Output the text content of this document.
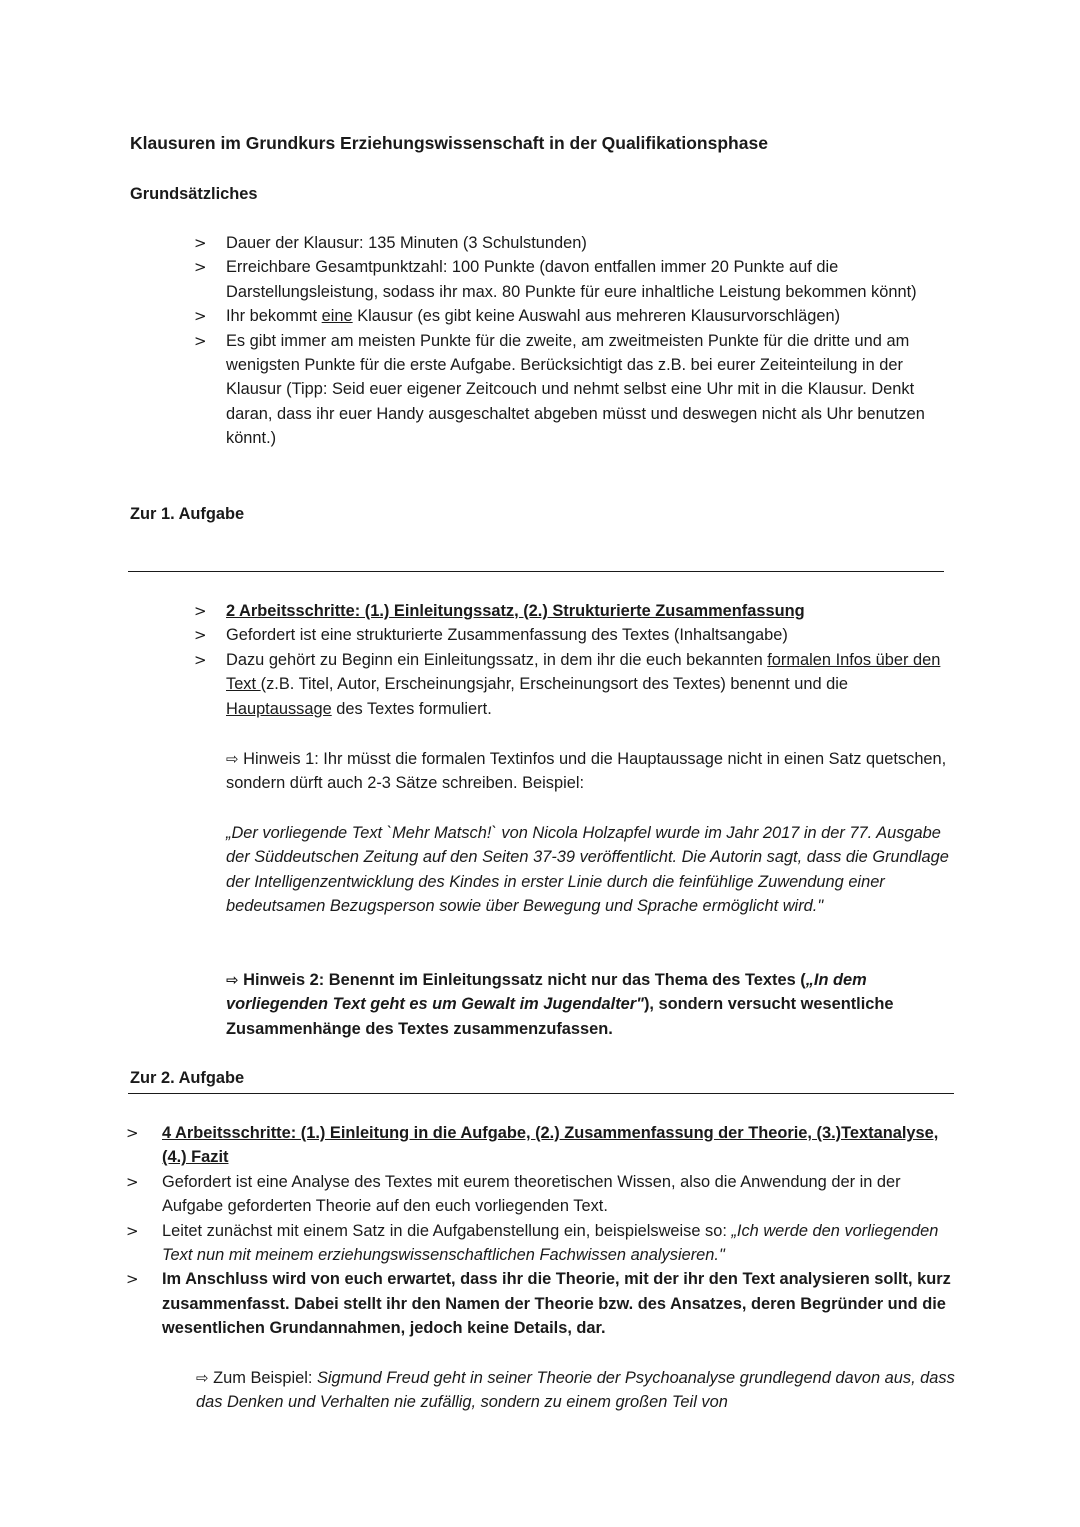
Klausuren im Grundkurs Erziehungswissenschaft in der Qualifikationsphase
Grundsätzliches
> Dauer der Klausur: 135 Minuten (3 Schulstunden)
> Erreichbare Gesamtpunktzahl: 100 Punkte (davon entfallen immer 20 Punkte auf die Darstellungsleistung, sodass ihr max. 80 Punkte für eure inhaltliche Leistung bekommen könnt)
> Ihr bekommt eine Klausur (es gibt keine Auswahl aus mehreren Klausurvorschlägen)
> Es gibt immer am meisten Punkte für die zweite, am zweitmeisten Punkte für die dritte und am wenigsten Punkte für die erste Aufgabe. Berücksichtigt das z.B. bei eurer Zeiteinteilung in der Klausur (Tipp: Seid euer eigener Zeitcouch und nehmt selbst eine Uhr mit in die Klausur. Denkt daran, dass ihr euer Handy ausgeschaltet abgeben müsst und deswegen nicht als Uhr benutzen könnt.)
Zur 1. Aufgabe
> 2 Arbeitsschritte: (1.) Einleitungssatz, (2.) Strukturierte Zusammenfassung
> Gefordert ist eine strukturierte Zusammenfassung des Textes (Inhaltsangabe)
> Dazu gehört zu Beginn ein Einleitungssatz, in dem ihr die euch bekannten formalen Infos über den Text (z.B. Titel, Autor, Erscheinungsjahr, Erscheinungsort des Textes) benennt und die Hauptaussage des Textes formuliert.
⇨ Hinweis 1: Ihr müsst die formalen Textinfos und die Hauptaussage nicht in einen Satz quetschen, sondern dürft auch 2-3 Sätze schreiben. Beispiel:
„Der vorliegende Text `Mehr Matsch!` von Nicola Holzapfel wurde im Jahr 2017 in der 77. Ausgabe der Süddeutschen Zeitung auf den Seiten 37-39 veröffentlicht. Die Autorin sagt, dass die Grundlage der Intelligenzentwicklung des Kindes in erster Linie durch die feinfühlige Zuwendung einer bedeutsamen Bezugsperson sowie über Bewegung und Sprache ermöglicht wird."
⇨ Hinweis 2: Benennt im Einleitungssatz nicht nur das Thema des Textes („In dem vorliegenden Text geht es um Gewalt im Jugendalter"), sondern versucht wesentliche Zusammenhänge des Textes zusammenzufassen.
Zur 2. Aufgabe
> 4 Arbeitsschritte: (1.) Einleitung in die Aufgabe, (2.) Zusammenfassung der Theorie, (3.)Textanalyse, (4.) Fazit
> Gefordert ist eine Analyse des Textes mit eurem theoretischen Wissen, also die Anwendung der in der Aufgabe geforderten Theorie auf den euch vorliegenden Text.
> Leitet zunächst mit einem Satz in die Aufgabenstellung ein, beispielsweise so: „Ich werde den vorliegenden Text nun mit meinem erziehungswissenschaftlichen Fachwissen analysieren."
> Im Anschluss wird von euch erwartet, dass ihr die Theorie, mit der ihr den Text analysieren sollt, kurz zusammenfasst. Dabei stellt ihr den Namen der Theorie bzw. des Ansatzes, deren Begründer und die wesentlichen Grundannahmen, jedoch keine Details, dar.
⇨ Zum Beispiel: Sigmund Freud geht in seiner Theorie der Psychoanalyse grundlegend davon aus, dass das Denken und Verhalten nie zufällig, sondern zu einem großen Teil von
